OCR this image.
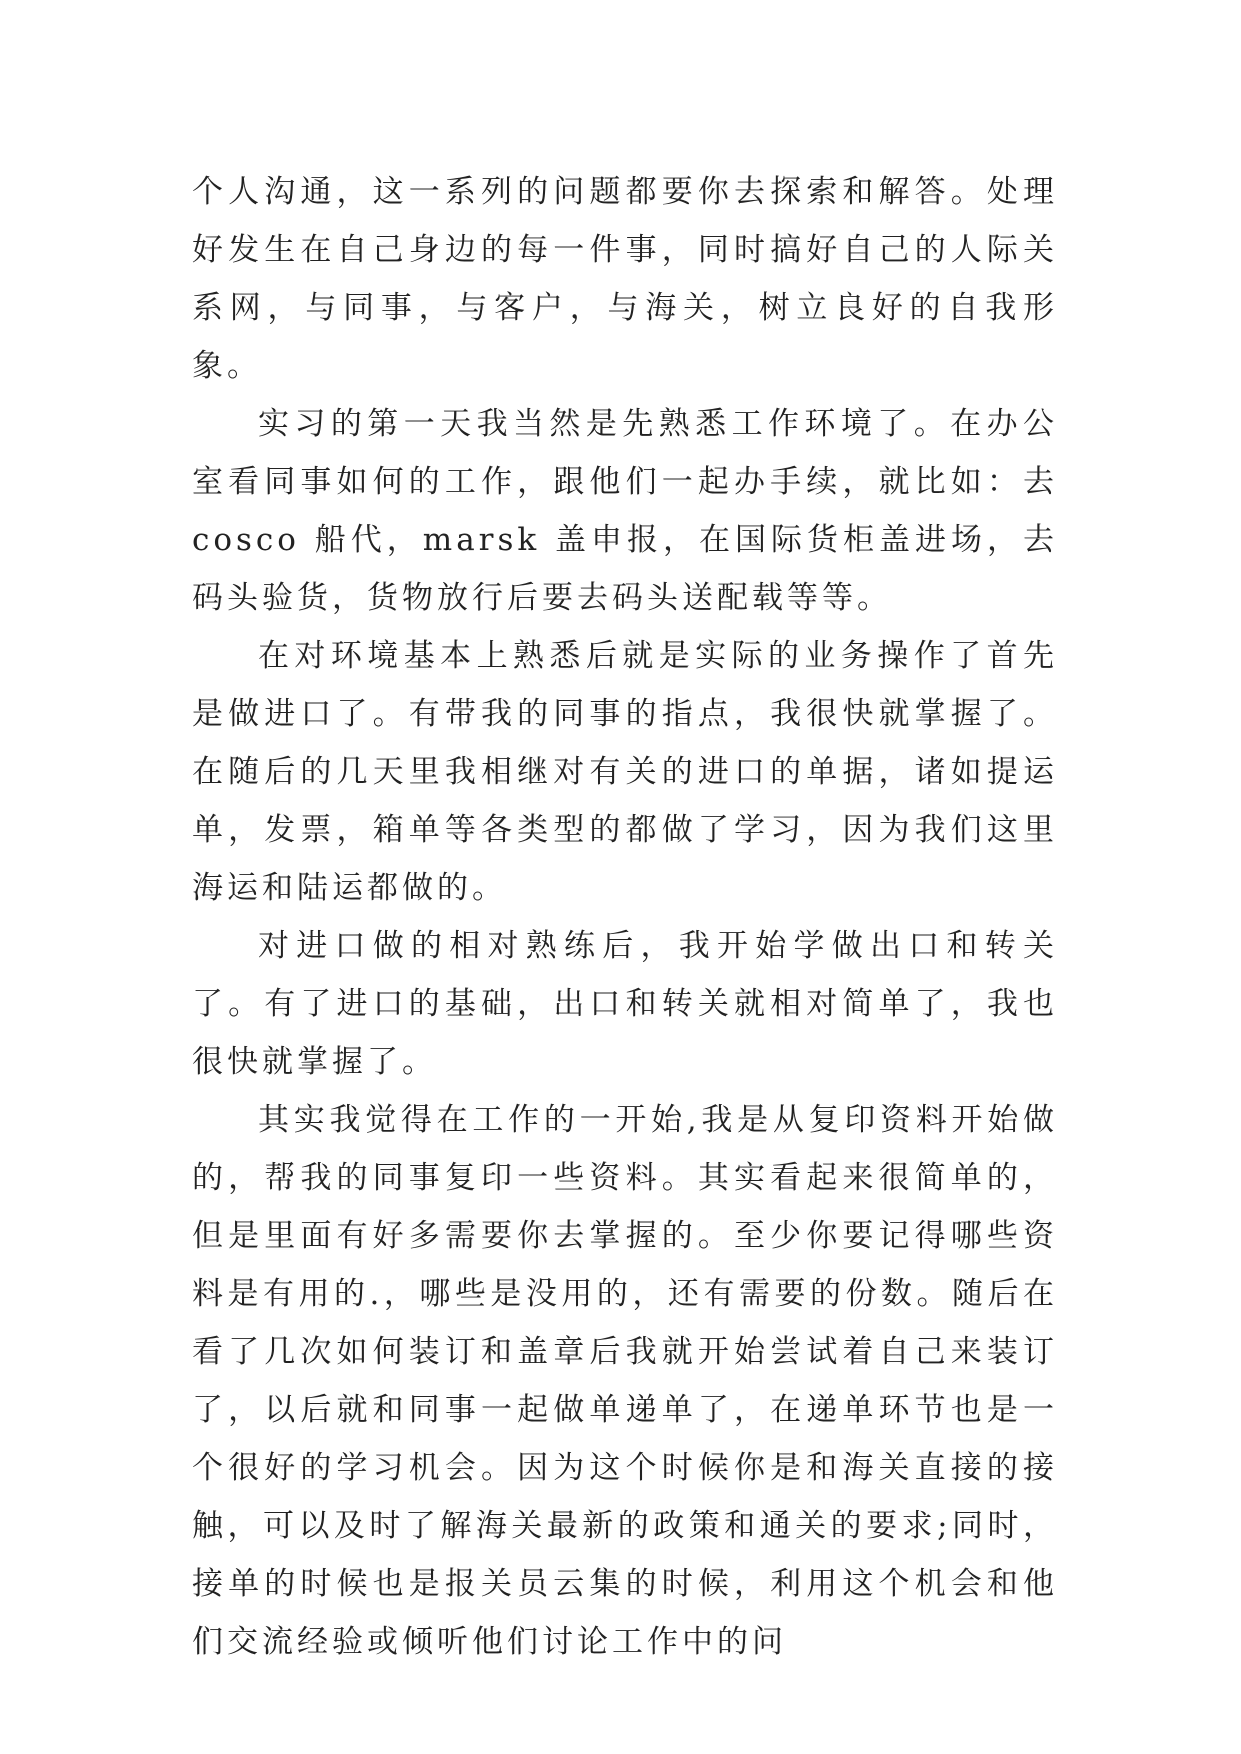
个人沟通，这一系列的问题都要你去探索和解答。处理好发生在自己身边的每一件事，同时搞好自己的人际关系网，与同事，与客户，与海关，树立良好的自我形象。

实习的第一天我当然是先熟悉工作环境了。在办公室看同事如何的工作，跟他们一起办手续，就比如：去 cosco 船代，marsk 盖申报，在国际货柜盖进场，去码头验货，货物放行后要去码头送配载等等。

在对环境基本上熟悉后就是实际的业务操作了首先是做进口了。有带我的同事的指点，我很快就掌握了。在随后的几天里我相继对有关的进口的单据，诸如提运单，发票，箱单等各类型的都做了学习，因为我们这里海运和陆运都做的。

对进口做的相对熟练后，我开始学做出口和转关了。有了进口的基础，出口和转关就相对简单了，我也很快就掌握了。

其实我觉得在工作的一开始,我是从复印资料开始做的，帮我的同事复印一些资料。其实看起来很简单的，但是里面有好多需要你去掌握的。至少你要记得哪些资料是有用的.，哪些是没用的，还有需要的份数。随后在看了几次如何装订和盖章后我就开始尝试着自己来装订了，以后就和同事一起做单递单了，在递单环节也是一个很好的学习机会。因为这个时候你是和海关直接的接触，可以及时了解海关最新的政策和通关的要求;同时，接单的时候也是报关员云集的时候，利用这个机会和他们交流经验或倾听他们讨论工作中的问
